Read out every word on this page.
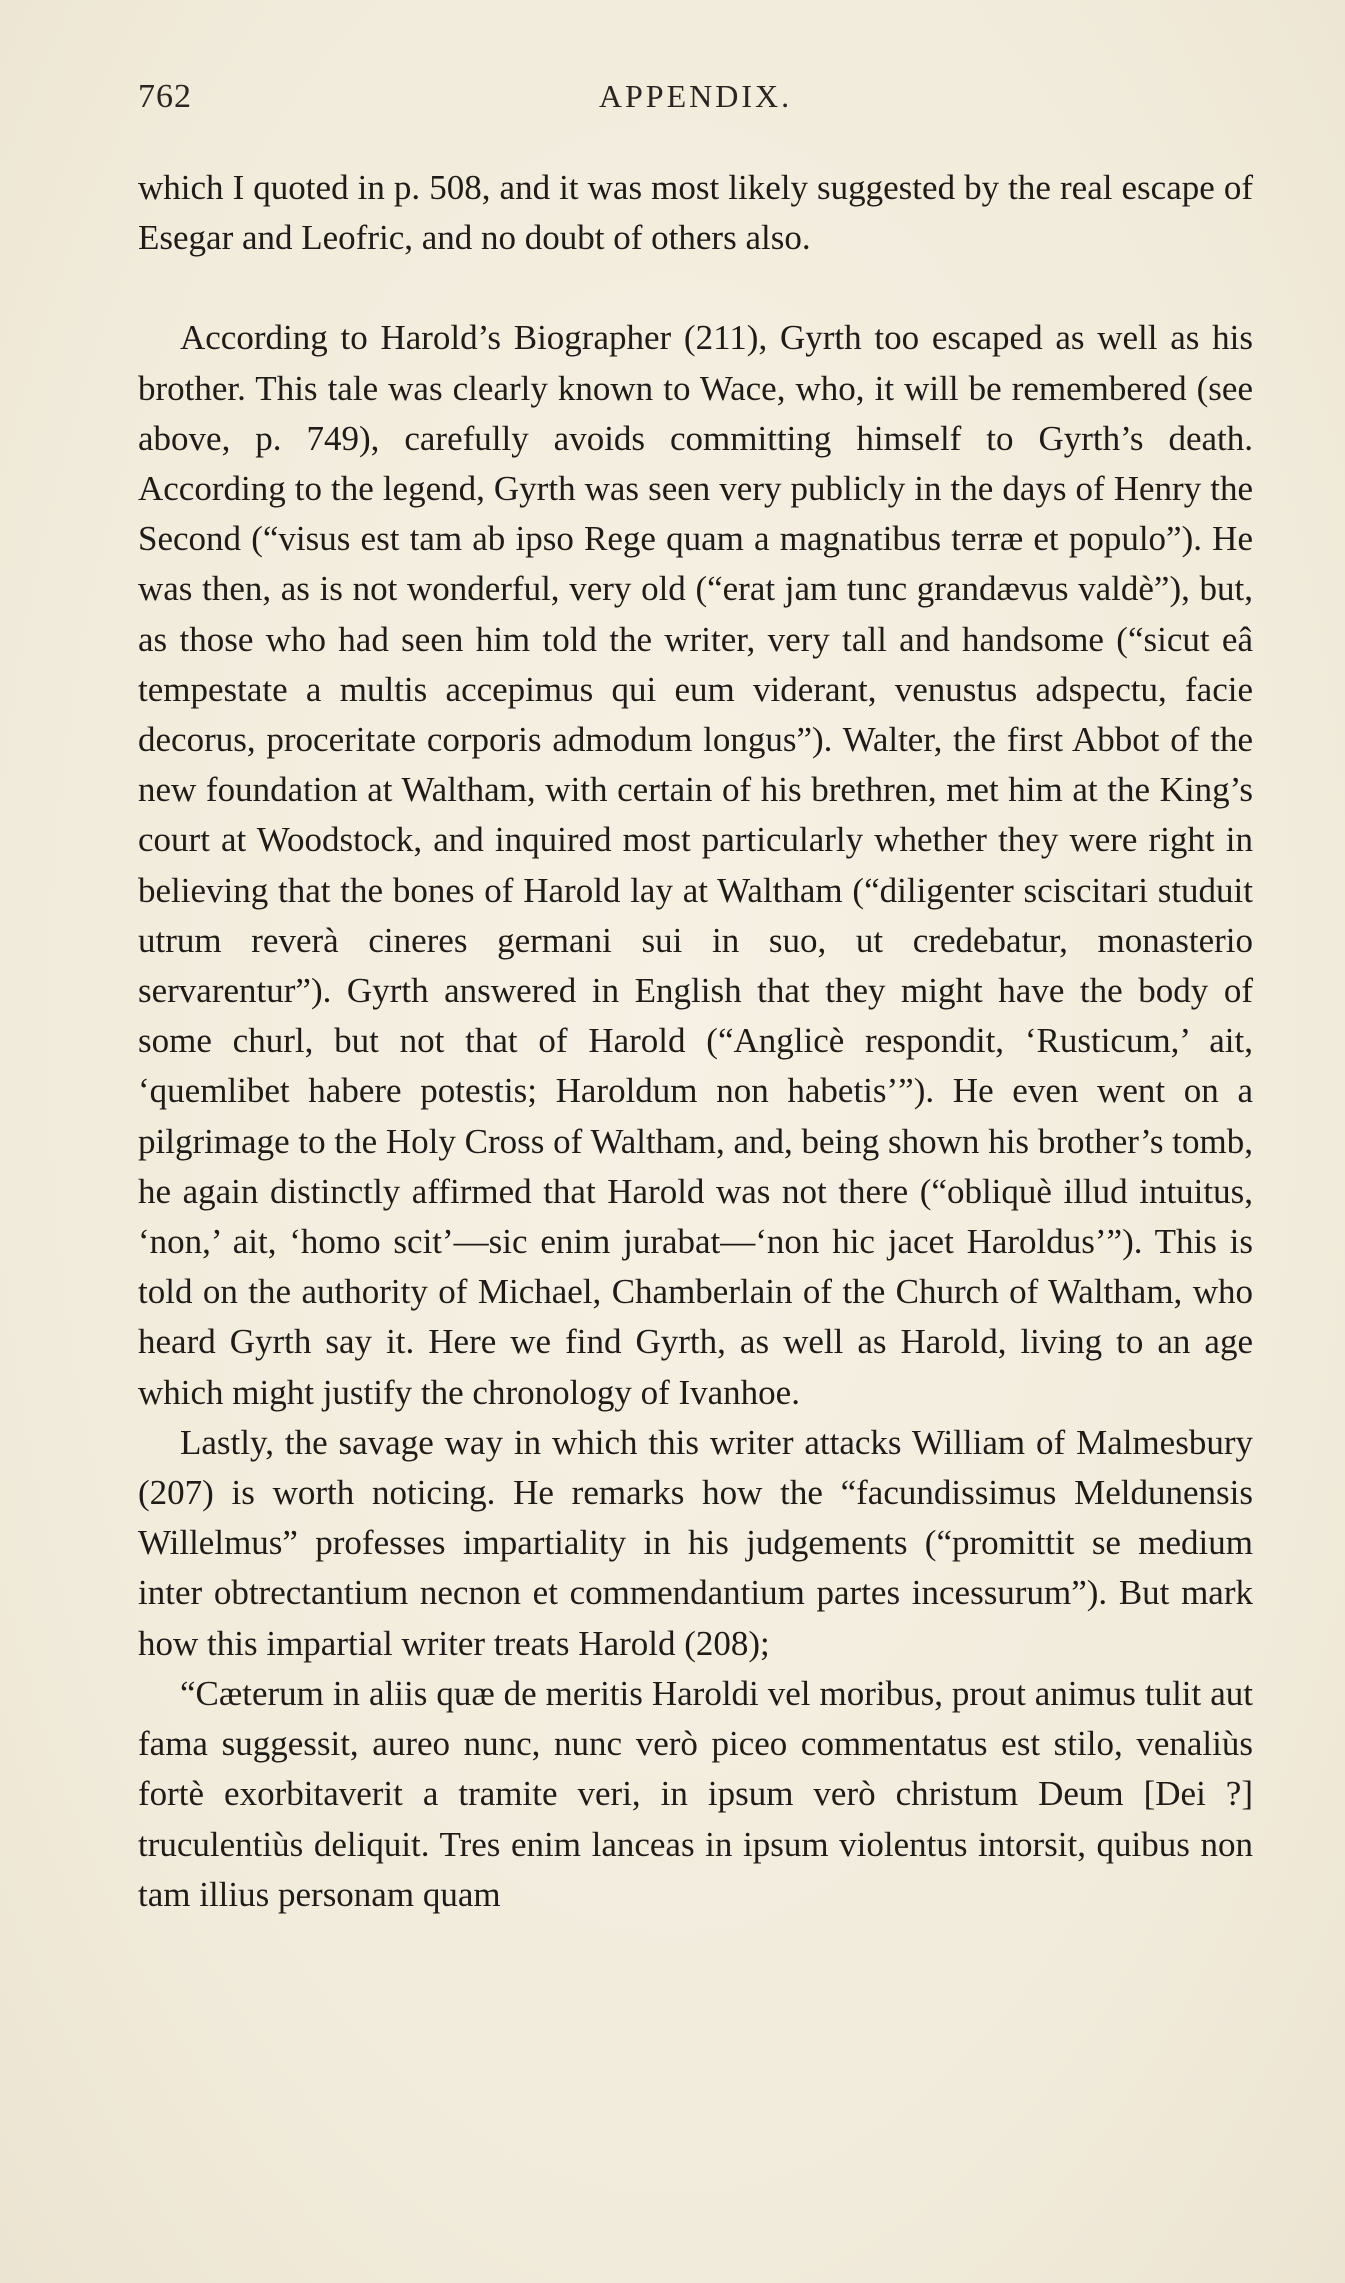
762	APPENDIX.

which I quoted in p. 508, and it was most likely suggested by the real escape of Esegar and Leofric, and no doubt of others also.

According to Harold’s Biographer (211), Gyrth too escaped as well as his brother. This tale was clearly known to Wace, who, it will be remembered (see above, p. 749), carefully avoids committing himself to Gyrth’s death. According to the legend, Gyrth was seen very publicly in the days of Henry the Second (“visus est tam ab ipso Rege quam a magnatibus terræ et populo”). He was then, as is not wonderful, very old (“erat jam tunc grandævus valdè”), but, as those who had seen him told the writer, very tall and handsome (“sicut eâ tempestate a multis accepimus qui eum viderant, venustus adspectu, facie decorus, proceritate corporis admodum longus”). Walter, the first Abbot of the new foundation at Waltham, with certain of his brethren, met him at the King’s court at Woodstock, and inquired most particularly whether they were right in believing that the bones of Harold lay at Waltham (“diligenter sciscitari studuit utrum reverà cineres germani sui in suo, ut credebatur, monasterio servarentur”). Gyrth answered in English that they might have the body of some churl, but not that of Harold (“Anglicè respondit, ‘Rusticum,’ ait, ‘quemlibet habere potestis; Haroldum non habetis’”). He even went on a pilgrimage to the Holy Cross of Waltham, and, being shown his brother’s tomb, he again distinctly affirmed that Harold was not there (“obliquè illud intuitus, ‘non,’ ait, ‘homo scit’—sic enim jurabat—‘non hic jacet Haroldus’”). This is told on the authority of Michael, Chamberlain of the Church of Waltham, who heard Gyrth say it. Here we find Gyrth, as well as Harold, living to an age which might justify the chronology of Ivanhoe.

Lastly, the savage way in which this writer attacks William of Malmesbury (207) is worth noticing. He remarks how the “facundissimus Meldunensis Willelmus” professes impartiality in his judgements (“promittit se medium inter obtrectantium necnon et commendantium partes incessurum”). But mark how this impartial writer treats Harold (208);

“Cæterum in aliis quæ de meritis Haroldi vel moribus, prout animus tulit aut fama suggessit, aureo nunc, nunc verò piceo commentatus est stilo, venaliùs fortè exorbitaverit a tramite veri, in ipsum verò christum Deum [Dei ?] truculentiùs deliquit. Tres enim lanceas in ipsum violentus intorsit, quibus non tam illius personam quam
